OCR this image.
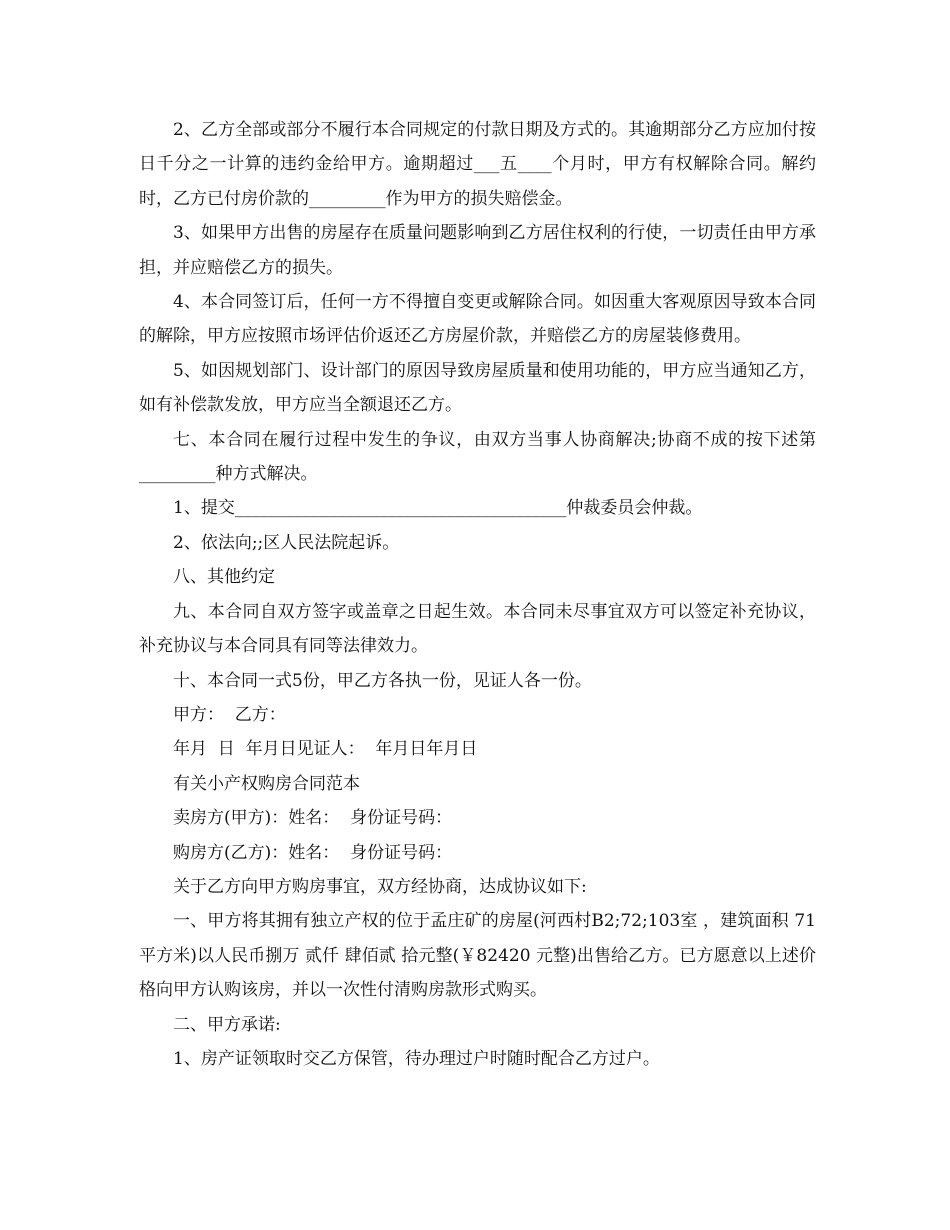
2、乙方全部或部分不履行本合同规定的付款日期及方式的。其逾期部分乙方应加付按日千分之一计算的违约金给甲方。逾期超过___五____个月时，甲方有权解除合同。解约时，乙方已付房价款的_________作为甲方的损失赔偿金。

3、如果甲方出售的房屋存在质量问题影响到乙方居住权利的行使，一切责任由甲方承担，并应赔偿乙方的损失。

4、本合同签订后，任何一方不得擅自变更或解除合同。如因重大客观原因导致本合同的解除，甲方应按照市场评估价返还乙方房屋价款，并赔偿乙方的房屋装修费用。

5、如因规划部门、设计部门的原因导致房屋质量和使用功能的，甲方应当通知乙方，如有补偿款发放，甲方应当全额退还乙方。

七、本合同在履行过程中发生的争议，由双方当事人协商解决;协商不成的按下述第_________种方式解决。

1、提交_______________________________________仲裁委员会仲裁。

2、依法向;;区人民法院起诉。

八、其他约定

九、本合同自双方签字或盖章之日起生效。本合同未尽事宜双方可以签定补充协议，补充协议与本合同具有同等法律效力。

十、本合同一式5份，甲乙方各执一份，见证人各一份。

甲方：  乙方：

年月  日  年月日见证人：  年月日年月日

有关小产权购房合同范本

卖房方(甲方)：姓名：  身份证号码：

购房方(乙方)：姓名：  身份证号码：

关于乙方向甲方购房事宜，双方经协商，达成协议如下:

一、甲方将其拥有独立产权的位于孟庄矿的房屋(河西村B2;72;103室 ，建筑面积 71平方米)以人民币捌万 贰仟 肆佰贰 拾元整(￥82420 元整)出售给乙方。已方愿意以上述价格向甲方认购该房，并以一次性付清购房款形式购买。

二、甲方承诺:

1、房产证领取时交乙方保管，待办理过户时随时配合乙方过户。
